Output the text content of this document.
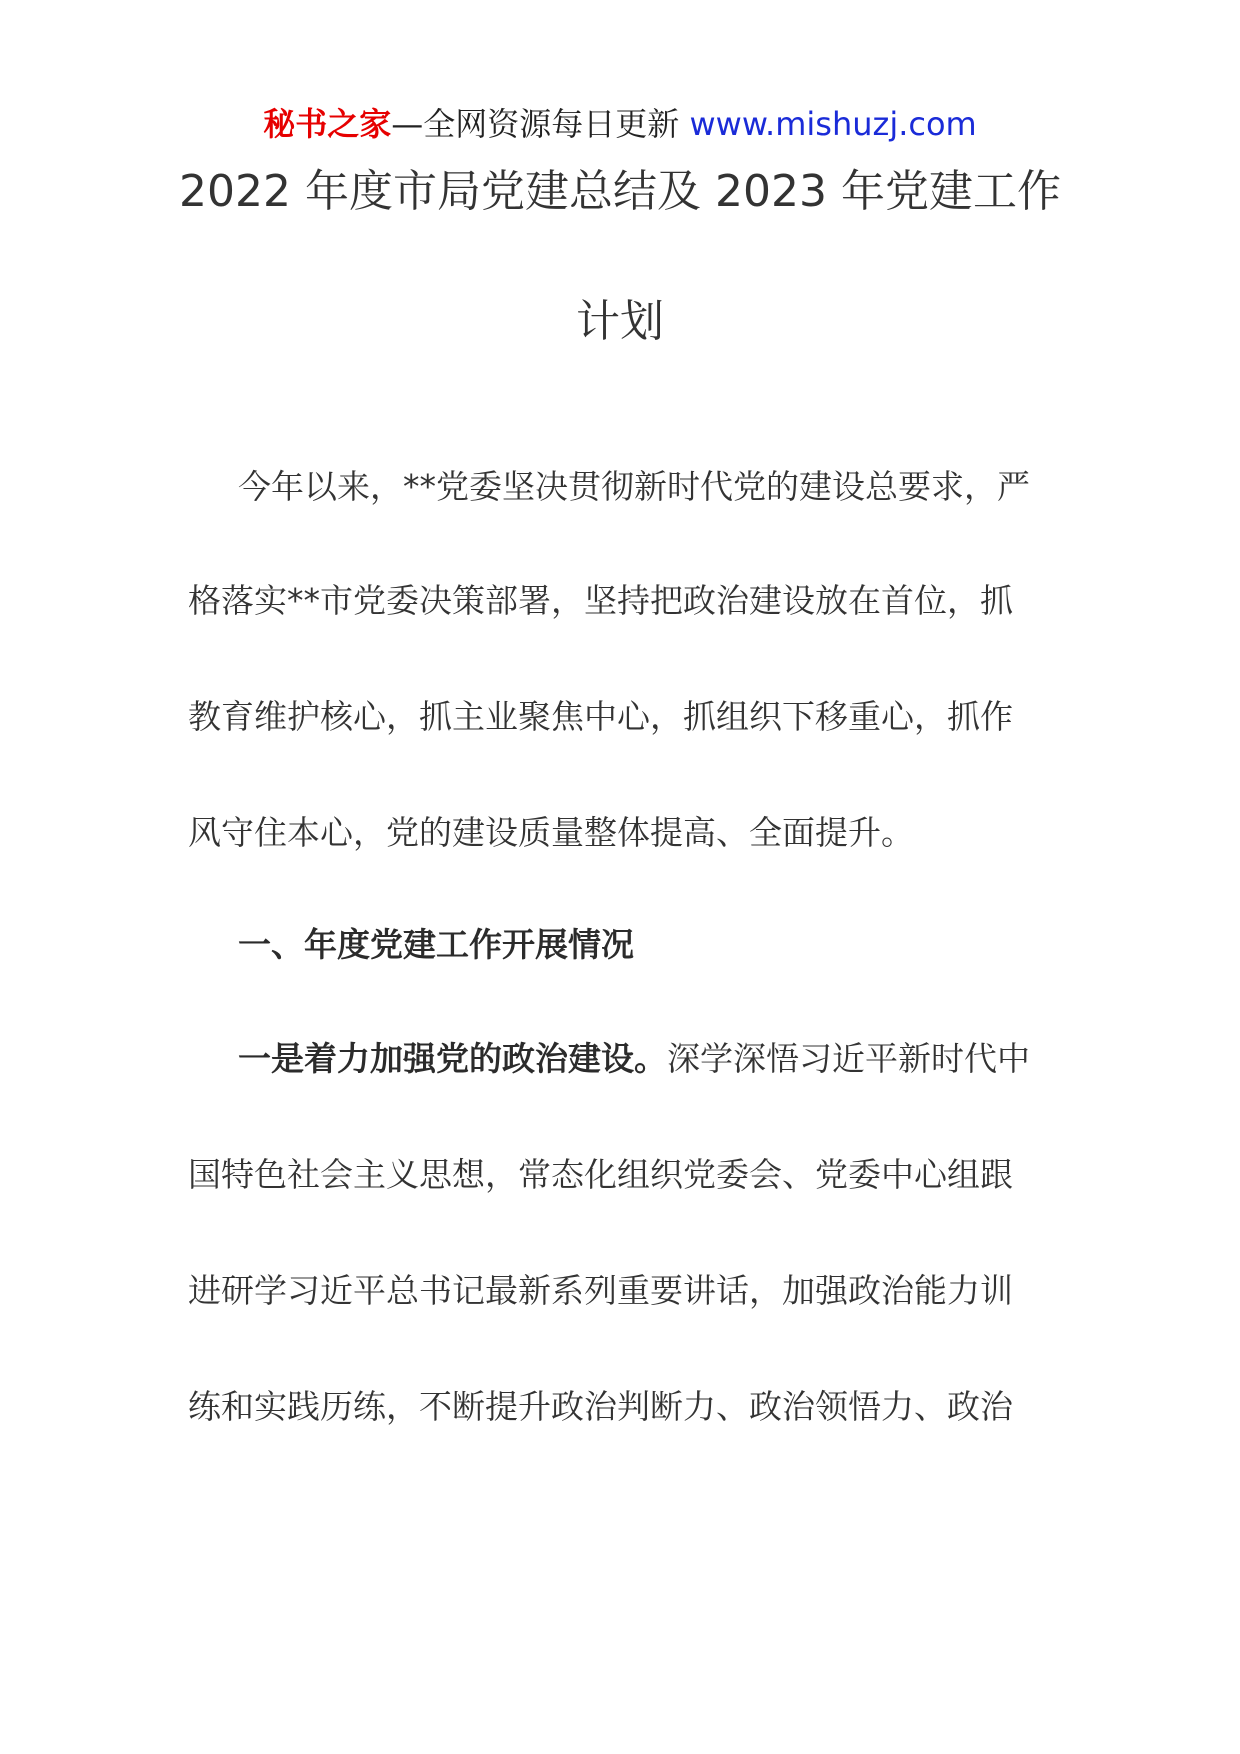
秘书之家—全网资源每日更新 www.mishuzj.com
2022 年度市局党建总结及 2023 年党建工作
计划
今年以来，**党委坚决贯彻新时代党的建设总要求，严
格落实**市党委决策部署，坚持把政治建设放在首位，抓
教育维护核心，抓主业聚焦中心，抓组织下移重心，抓作
风守住本心，党的建设质量整体提高、全面提升。
一、年度党建工作开展情况
一是着力加强党的政治建设。深学深悟习近平新时代中
国特色社会主义思想，常态化组织党委会、党委中心组跟
进研学习近平总书记最新系列重要讲话，加强政治能力训
练和实践历练，不断提升政治判断力、政治领悟力、政治
